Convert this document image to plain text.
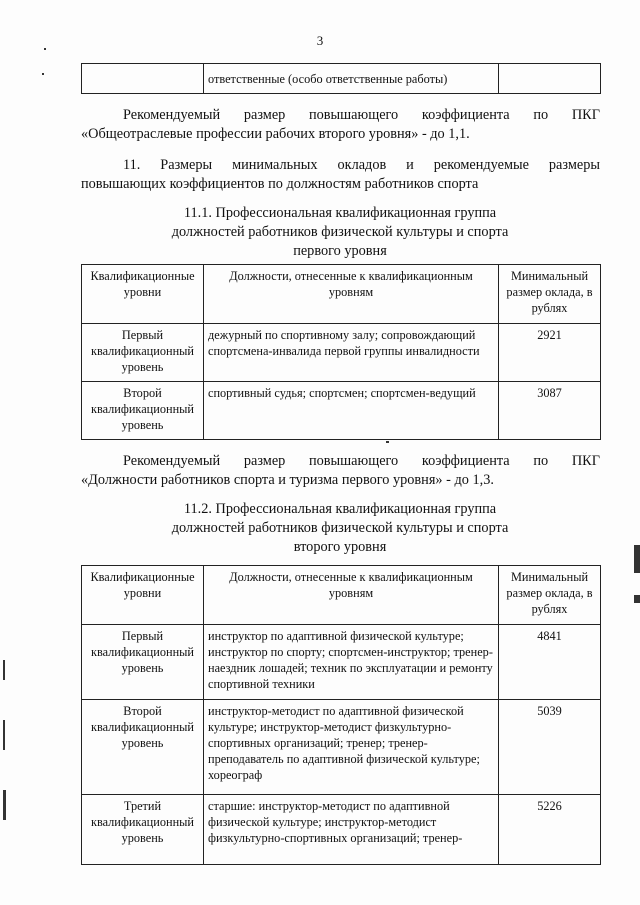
3
	ответственные (особо ответственные работы)	
Рекомендуемый размер повышающего коэффициента по ПКГ
«Общеотраслевые профессии рабочих второго уровня» - до 1,1.
11. Размеры минимальных окладов и рекомендуемые размеры
повышающих коэффициентов по должностям работников спорта
11.1. Профессиональная квалификационная группа
должностей работников физической культуры и спорта
первого уровня
Квалификационные уровни	Должности, отнесенные к квалификационным уровням	Минимальный размер оклада, в рублях
Первый квалификационный уровень	дежурный по спортивному залу; сопровождающий спортсмена-инвалида первой группы инвалидности	2921
Второй квалификационный уровень	спортивный судья; спортсмен; спортсмен-ведущий	3087
Рекомендуемый размер повышающего коэффициента по ПКГ
«Должности работников спорта и туризма первого уровня» - до 1,3.
11.2. Профессиональная квалификационная группа
должностей работников физической культуры и спорта
второго уровня
Квалификационные уровни	Должности, отнесенные к квалификационным уровням	Минимальный размер оклада, в рублях
Первый квалификационный уровень	инструктор по адаптивной физической культуре; инструктор по спорту; спортсмен-инструктор; тренер-наездник лошадей; техник по эксплуатации и ремонту спортивной техники	4841
Второй квалификационный уровень	инструктор-методист по адаптивной физической культуре; инструктор-методист физкультурно-спортивных организаций; тренер; тренер-преподаватель по адаптивной физической культуре; хореограф	5039
Третий квалификационный уровень	старшие: инструктор-методист по адаптивной физической культуре; инструктор-методист физкультурно-спортивных организаций; тренер-	5226
